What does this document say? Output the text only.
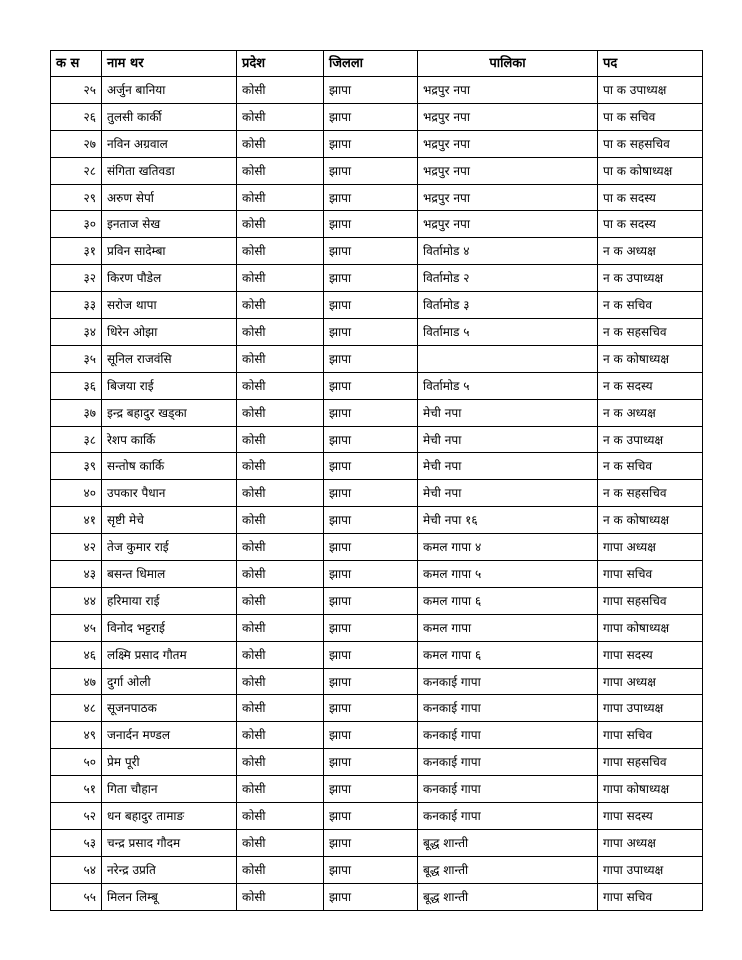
क स	नाम थर	प्रदेश	जिलला	पालिका	पद
२५	अर्जुन बानिया	कोसी	झापा	भद्रपुर नपा	पा क उपाध्यक्ष
२६	तुलसी कार्की	कोसी	झापा	भद्रपुर नपा	पा क सचिव
२७	नविन अग्रवाल	कोसी	झापा	भद्रपुर नपा	पा क सहसचिव
२८	संगिता खतिवडा	कोसी	झापा	भद्रपुर नपा	पा क कोषाध्यक्ष
२९	अरुण सेर्पा	कोसी	झापा	भद्रपुर नपा	पा क सदस्य
३०	इनताज सेख	कोसी	झापा	भद्रपुर नपा	पा क सदस्य
३१	प्रविन सादेम्बा	कोसी	झापा	विर्तामोड ४	न क अध्यक्ष
३२	किरण पौडेल	कोसी	झापा	विर्तामोड २	न क उपाध्यक्ष
३३	सरोज थापा	कोसी	झापा	विर्तामोड ३	न क सचिव
३४	धिरेन ओझा	कोसी	झापा	विर्तामाड ५	न क सहसचिव
३५	सूनिल राजवंसि	कोसी	झापा		न क कोषाध्यक्ष
३६	बिजया राई	कोसी	झापा	विर्तामोड ५	न क सदस्य
३७	इन्द्र बहादुर खड्का	कोसी	झापा	मेची नपा	न क अध्यक्ष
३८	रेशप कार्कि	कोसी	झापा	मेची नपा	न क उपाध्यक्ष
३९	सन्तोष कार्कि	कोसी	झापा	मेची नपा	न क सचिव
४०	उपकार पैधान	कोसी	झापा	मेची नपा	न क सहसचिव
४१	सृष्टी मेचे	कोसी	झापा	मेची नपा १६	न क कोषाध्यक्ष
४२	तेज कुमार राई	कोसी	झापा	कमल गापा ४	गापा अध्यक्ष
४३	बसन्त धिमाल	कोसी	झापा	कमल गापा ५	गापा सचिव
४४	हरिमाया राई	कोसी	झापा	कमल गापा ६	गापा सहसचिव
४५	विनोद भट्टराई	कोसी	झापा	कमल गापा	गापा कोषाध्यक्ष
४६	लक्ष्मि प्रसाद गौतम	कोसी	झापा	कमल गापा ६	गापा सदस्य
४७	दुर्गा ओली	कोसी	झापा	कनकाई गापा	गापा अध्यक्ष
४८	सूजनपाठक	कोसी	झापा	कनकाई गापा	गापा उपाध्यक्ष
४९	जनार्दन मण्डल	कोसी	झापा	कनकाई गापा	गापा सचिव
५०	प्रेम पूरी	कोसी	झापा	कनकाई गापा	गापा सहसचिव
५१	गिता चौहान	कोसी	झापा	कनकाई गापा	गापा कोषाध्यक्ष
५२	धन बहादुर तामाङ	कोसी	झापा	कनकाई गापा	गापा सदस्य
५३	चन्द्र प्रसाद गौदम	कोसी	झापा	बूद्ध शान्ती	गापा अध्यक्ष
५४	नरेन्द्र उप्रति	कोसी	झापा	बूद्ध शान्ती	गापा उपाध्यक्ष
५५	मिलन लिम्बू	कोसी	झापा	बूद्ध शान्ती	गापा सचिव
